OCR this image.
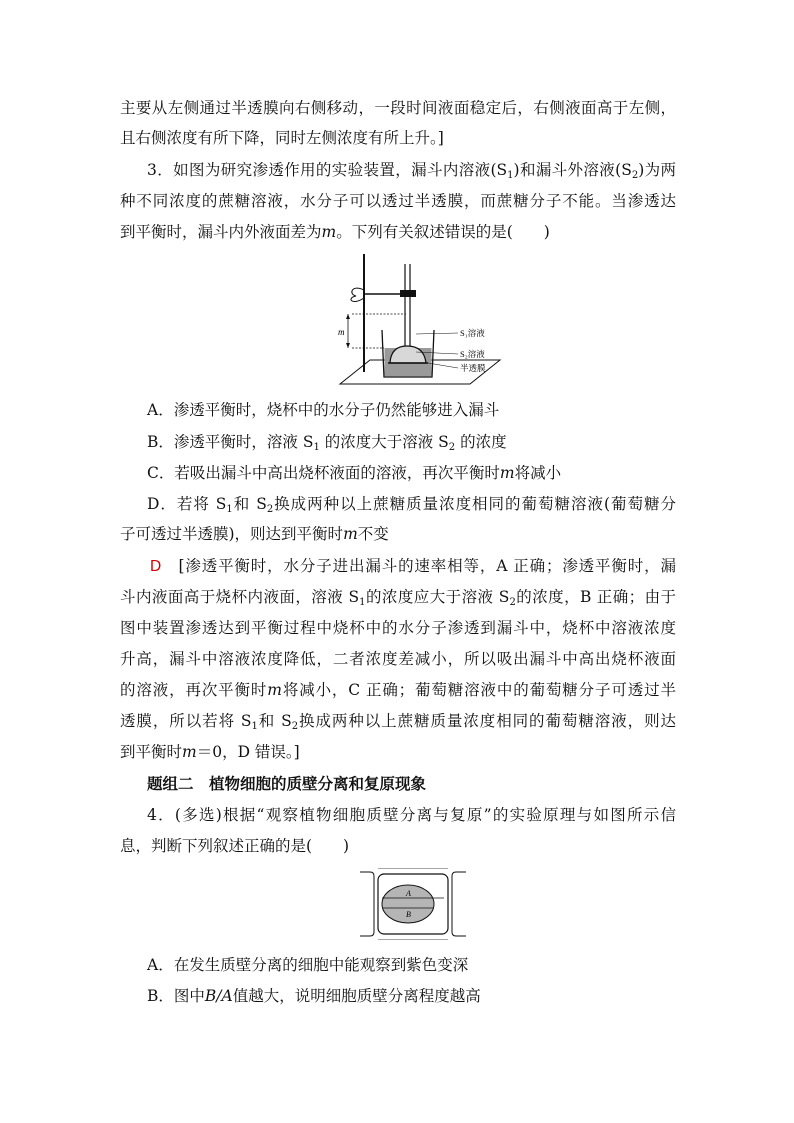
主要从左侧通过半透膜向右侧移动，一段时间液面稳定后，右侧液面高于左侧，
且右侧浓度有所下降，同时左侧浓度有所上升。]
3．如图为研究渗透作用的实验装置，漏斗内溶液$(S_1)$和漏斗外溶液$(S_2)$为两
种不同浓度的蔗糖溶液，水分子可以透过半透膜，而蔗糖分子不能。当渗透达
到平衡时，漏斗内外液面差为m。下列有关叙述错误的是(　　)
m	S₁溶液
S₂溶液
半透膜
A．渗透平衡时，烧杯中的水分子仍然能够进入漏斗
B．渗透平衡时，溶液 $S_1$ 的浓度大于溶液 $S_2$ 的浓度
C．若吸出漏斗中高出烧杯液面的溶液，再次平衡时m将减小
D．若将 $S_1$和 $S_2$换成两种以上蔗糖质量浓度相同的葡萄糖溶液(葡萄糖分
子可透过半透膜)，则达到平衡时m不变
D　 [渗透平衡时，水分子进出漏斗的速率相等，A 正确；渗透平衡时，漏
斗内液面高于烧杯内液面，溶液 $S_1$的浓度应大于溶液 $S_2$的浓度，B 正确；由于
图中装置渗透达到平衡过程中烧杯中的水分子渗透到漏斗中，烧杯中溶液浓度
升高，漏斗中溶液浓度降低，二者浓度差减小，所以吸出漏斗中高出烧杯液面
的溶液，再次平衡时m将减小，C 正确；葡萄糖溶液中的葡萄糖分子可透过半
透膜，所以若将 $S_1$和 $S_2$换成两种以上蔗糖质量浓度相同的葡萄糖溶液，则达
到平衡时m＝0，D 错误。]
题组二　植物细胞的质壁分离和复原现象
4．(多选)根据“观察植物细胞质壁分离与复原”的实验原理与如图所示信
息，判断下列叙述正确的是(　　)
A
B
A．在发生质壁分离的细胞中能观察到紫色变深
B．图中B/A值越大，说明细胞质壁分离程度越高
